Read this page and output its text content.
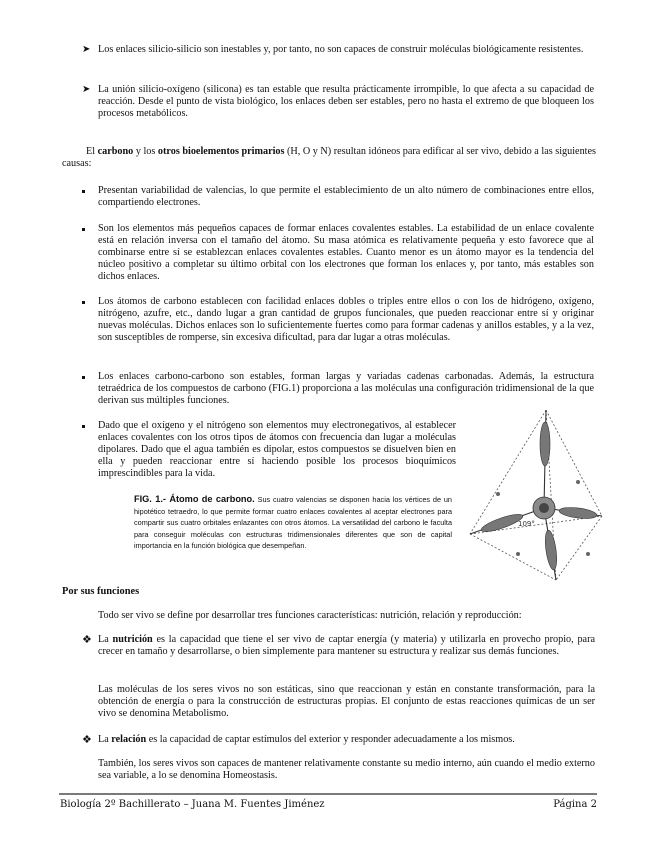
➤ Los enlaces silicio-silicio son inestables y, por tanto, no son capaces de construir moléculas biológicamente resistentes.

➤ La unión silicio-oxígeno (silicona) es tan estable que resulta prácticamente irrompible, lo que afecta a su capacidad de reacción. Desde el punto de vista biológico, los enlaces deben ser estables, pero no hasta el extremo de que bloqueen los procesos metabólicos.

El carbono y los otros bioelementos primarios (H, O y N) resultan idóneos para edificar al ser vivo, debido a las siguientes causas:

Presentan variabilidad de valencias, lo que permite el establecimiento de un alto número de combinaciones entre ellos, compartiendo electrones.

Son los elementos más pequeños capaces de formar enlaces covalentes estables. La estabilidad de un enlace covalente está en relación inversa con el tamaño del átomo. Su masa atómica es relativamente pequeña y esto favorece que al combinarse entre sí se establezcan enlaces covalentes estables. Cuanto menor es un átomo mayor es la tendencia del núcleo positivo a completar su último orbital con los electrones que forman los enlaces y, por tanto, más estables son dichos enlaces.

Los átomos de carbono establecen con facilidad enlaces dobles o triples entre ellos o con los de hidrógeno, oxígeno, nitrógeno, azufre, etc., dando lugar a gran cantidad de grupos funcionales, que pueden reaccionar entre sí y originar nuevas moléculas. Dichos enlaces son lo suficientemente fuertes como para formar cadenas y anillos estables, y a la vez, son susceptibles de romperse, sin excesiva dificultad, para dar lugar a otras moléculas.

Los enlaces carbono-carbono son estables, forman largas y variadas cadenas carbonadas. Además, la estructura tetraédrica de los compuestos de carbono (FIG.1) proporciona a las moléculas una configuración tridimensional de la que derivan sus múltiples funciones.

Dado que el oxígeno y el nitrógeno son elementos muy electronegativos, al establecer enlaces covalentes con los otros tipos de átomos con frecuencia dan lugar a moléculas dipolares. Dado que el agua también es dipolar, estos compuestos se disuelven bien en ella y pueden reaccionar entre sí haciendo posible los procesos bioquímicos imprescindibles para la vida.

109°

FIG. 1.- Átomo de carbono. Sus cuatro valencias se disponen hacia los vértices de un hipotético tetraedro, lo que permite formar cuatro enlaces covalentes al aceptar electrones para compartir sus cuatro orbitales enlazantes con otros átomos. La versatilidad del carbono le faculta para conseguir moléculas con estructuras tridimensionales diferentes que son de capital importancia en la función biológica que desempeñan.

Por sus funciones

Todo ser vivo se define por desarrollar tres funciones características: nutrición, relación y reproducción:

❖ La nutrición es la capacidad que tiene el ser vivo de captar energía (y materia) y utilizarla en provecho propio, para crecer en tamaño y desarrollarse, o bien simplemente para mantener su estructura y realizar sus demás funciones.

Las moléculas de los seres vivos no son estáticas, sino que reaccionan y están en constante transformación, para la obtención de energía o para la construcción de estructuras propias. El conjunto de estas reacciones químicas de un ser vivo se denomina Metabolismo.

❖ La relación es la capacidad de captar estímulos del exterior y responder adecuadamente a los mismos.

También, los seres vivos son capaces de mantener relativamente constante su medio interno, aún cuando el medio externo sea variable, a lo se denomina Homeostasis.

Biología 2º Bachillerato – Juana M. Fuentes Jiménez	Página 2
